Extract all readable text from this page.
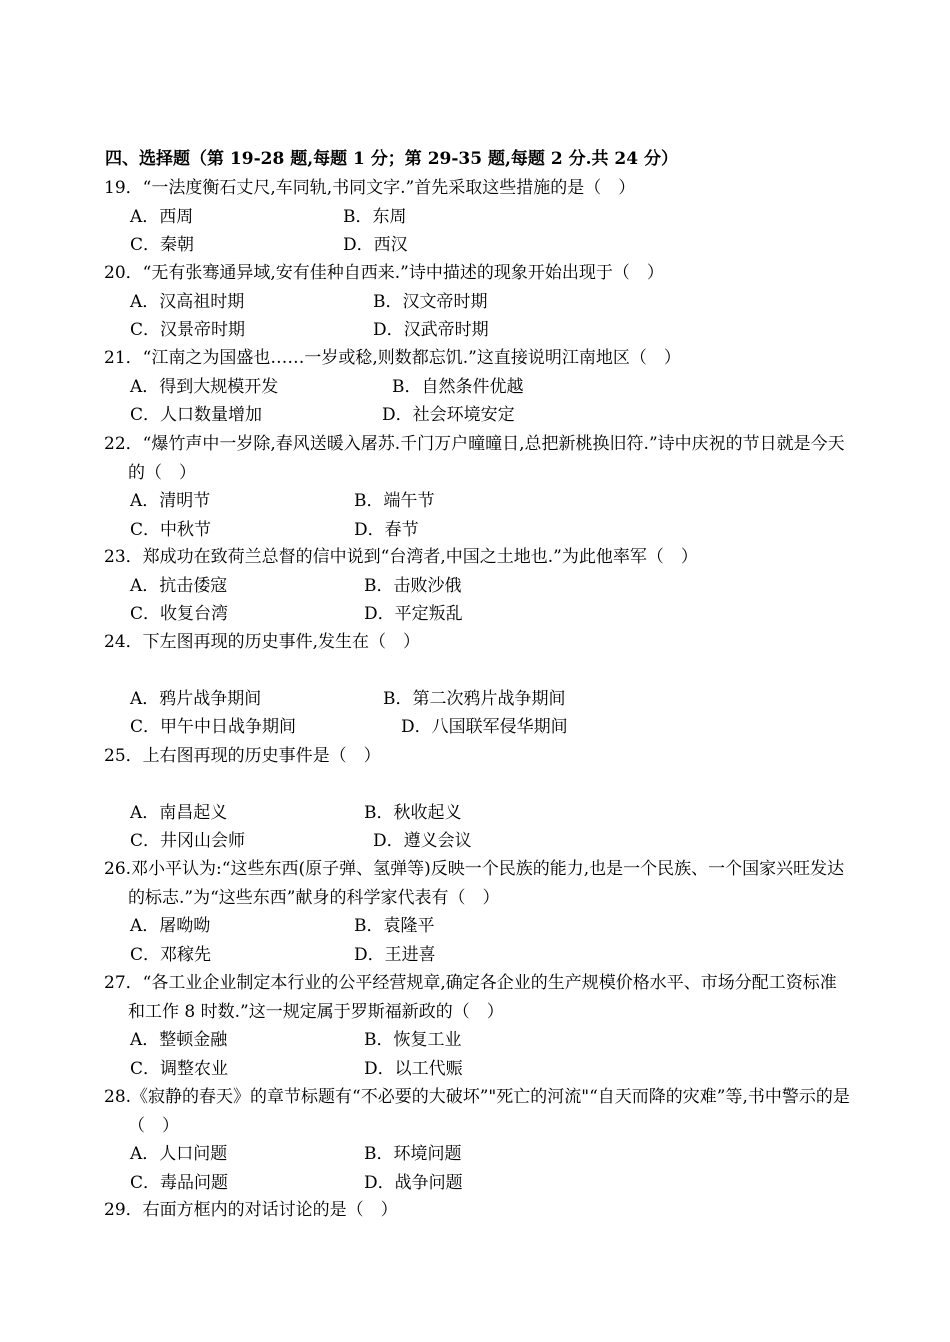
四、选择题（第 19-28 题,每题 1 分；第 29-35 题,每题 2 分.共 24 分）

19．“一法度衡石丈尺,车同轨,书同文字.”首先采取这些措施的是（　）

A．西周	B．东周
C．秦朝	D．西汉

20．“无有张骞通异域,安有佳种自西来.”诗中描述的现象开始出现于（　）

A．汉高祖时期	B．汉文帝时期
C．汉景帝时期	D．汉武帝时期

21．“江南之为国盛也……一岁或稔,则数都忘饥.”这直接说明江南地区（　）

A．得到大规模开发	B．自然条件优越
C．人口数量增加	D．社会环境安定

22．“爆竹声中一岁除,春风送暖入屠苏.千门万户曈曈日,总把新桃换旧符.”诗中庆祝的节日就是今天的（　）

A．清明节	B．端午节
C．中秋节	D．春节

23．郑成功在致荷兰总督的信中说到“台湾者,中国之土地也.”为此他率军（　）

A．抗击倭寇	B．击败沙俄
C．收复台湾	D．平定叛乱

24．下左图再现的历史事件,发生在（　）

A．鸦片战争期间	B．第二次鸦片战争期间
C．甲午中日战争期间	D．八国联军侵华期间

25．上右图再现的历史事件是（　）

A．南昌起义	B．秋收起义
C．井冈山会师	D．遵义会议

26.邓小平认为:“这些东西(原子弹、氢弹等)反映一个民族的能力,也是一个民族、一个国家兴旺发达的标志.”为“这些东西”献身的科学家代表有（　）

A．屠呦呦	B．袁隆平
C．邓稼先	D．王进喜

27．“各工业企业制定本行业的公平经营规章,确定各企业的生产规模价格水平、市场分配工资标准和工作 8 时数.”这一规定属于罗斯福新政的（　）

A．整顿金融	B．恢复工业
C．调整农业	D．以工代赈

28.《寂静的春天》的章节标题有“不必要的大破坏”"死亡的河流"“自天而降的灾难”等,书中警示的是（　）

A．人口问题	B．环境问题
C．毒品问题	D．战争问题

29．右面方框内的对话讨论的是（　）
